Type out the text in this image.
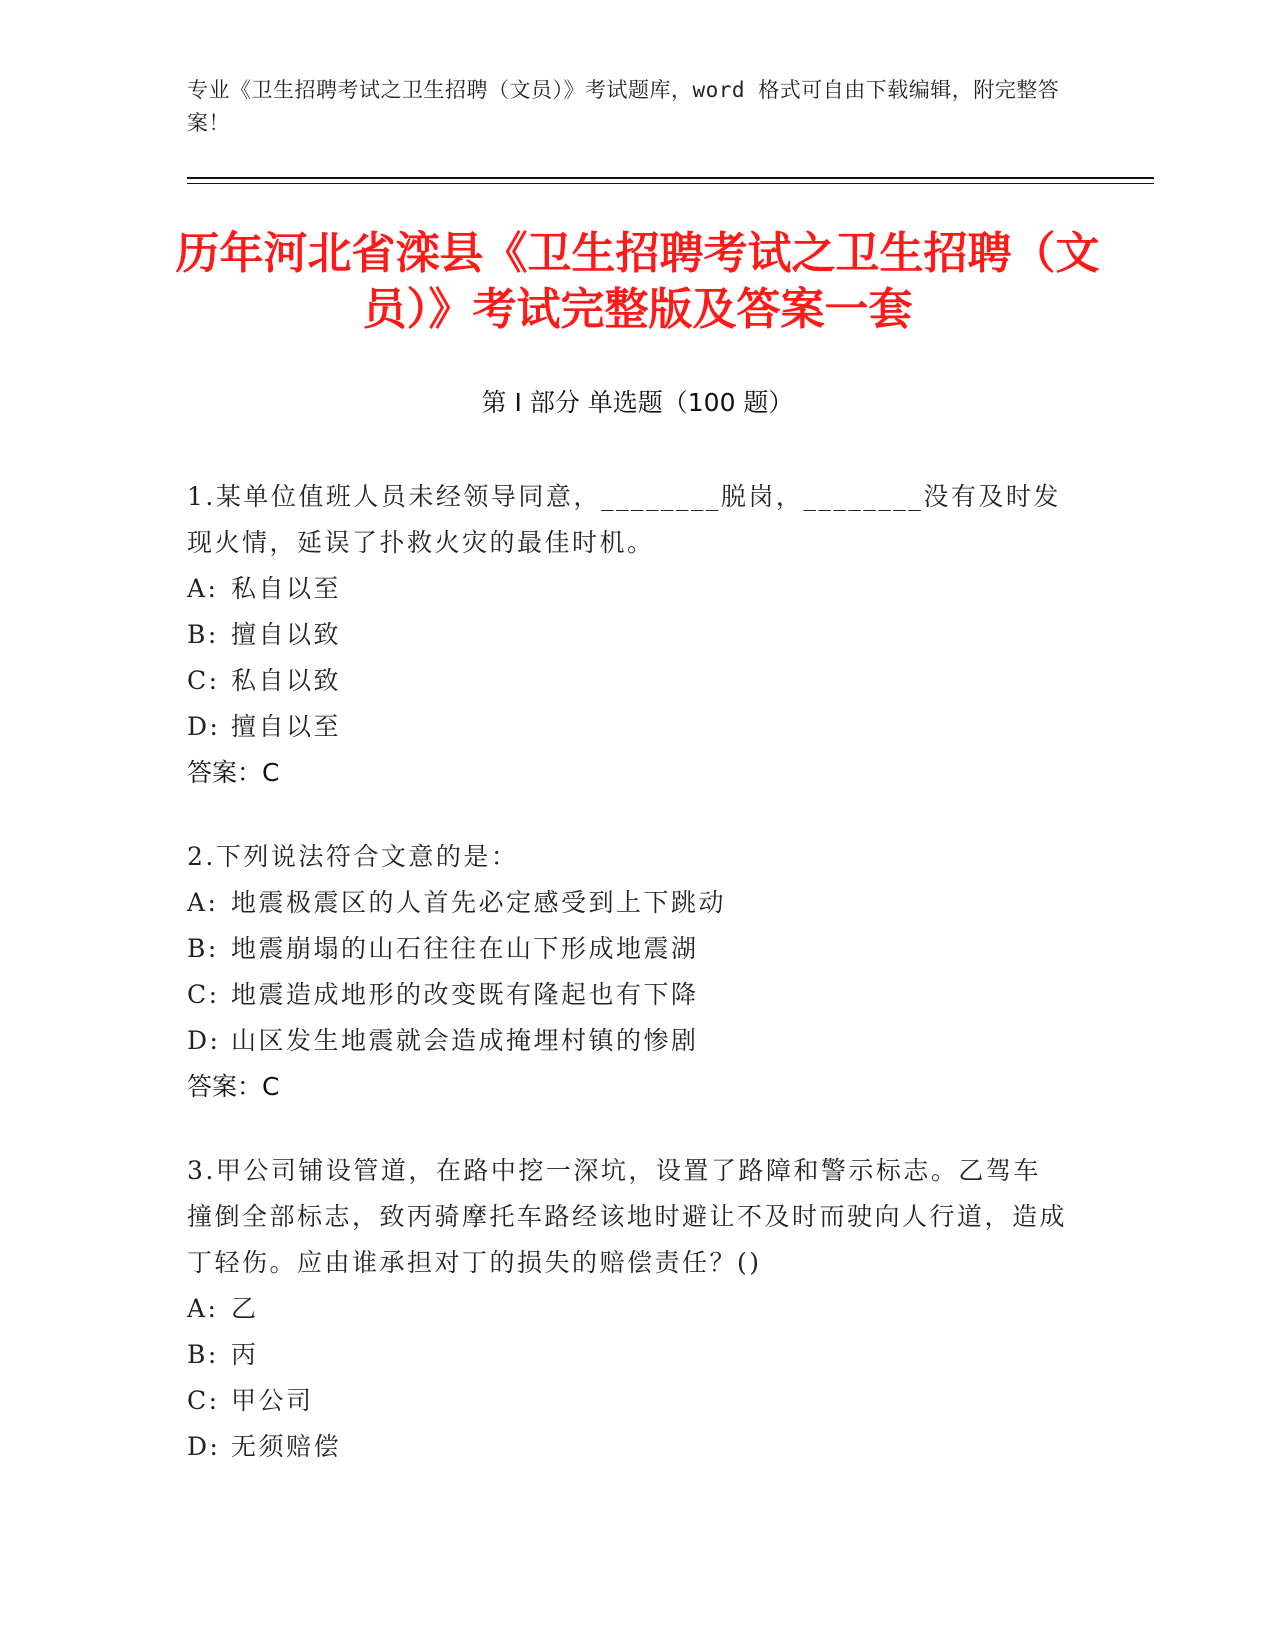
专业《卫生招聘考试之卫生招聘（文员）》考试题库，word 格式可自由下载编辑，附完整答案！
历年河北省滦县《卫生招聘考试之卫生招聘（文员）》考试完整版及答案一套
第 I 部分 单选题（100 题）
1.某单位值班人员未经领导同意，________脱岗，________没有及时发现火情，延误了扑救火灾的最佳时机。
A: 私自以至
B: 擅自以致
C: 私自以致
D: 擅自以至
答案：C
2.下列说法符合文意的是：
A: 地震极震区的人首先必定感受到上下跳动
B: 地震崩塌的山石往往在山下形成地震湖
C: 地震造成地形的改变既有隆起也有下降
D: 山区发生地震就会造成掩埋村镇的惨剧
答案：C
3.甲公司铺设管道，在路中挖一深坑，设置了路障和警示标志。乙驾车撞倒全部标志，致丙骑摩托车路经该地时避让不及时而驶向人行道，造成丁轻伤。应由谁承担对丁的损失的赔偿责任？()
A: 乙
B: 丙
C: 甲公司
D: 无须赔偿
